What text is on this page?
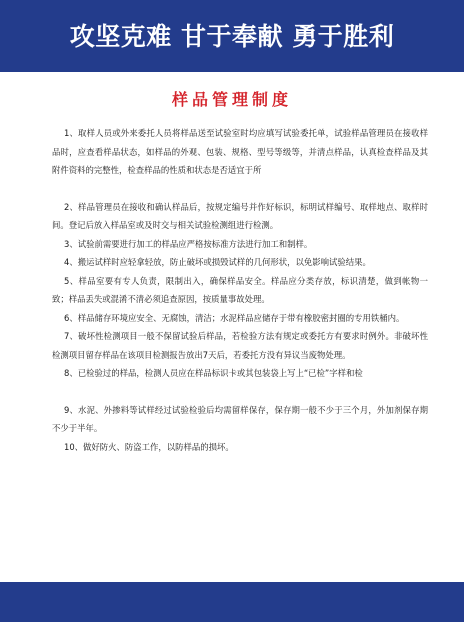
攻坚克难 甘于奉献 勇于胜利
样品管理制度
1、取样人员或外来委托人员将样品送至试验室时均应填写试验委托单，试验样品管理员在接收样品时，应查看样品状态，如样品的外观、包装、规格、型号等级等，并清点样品，认真检查样品及其附件资料的完整性，检查样品的性质和状态是否适宜于所
2、样品管理员在接收和确认样品后，按规定编号并作好标识，标明试样编号、取样地点、取样时间。登记后放入样品室或及时交与相关试验检测组进行检测。
3、试验前需要进行加工的样品应严格按标准方法进行加工和制样。
4、搬运试样时应轻拿轻放，防止破坏或损毁试样的几何形状，以免影响试验结果。
5、样品室要有专人负责，限制出入，确保样品安全。样品应分类存放，标识清楚，做到帐物一致；样品丢失或混淆不清必须追查原因，按质量事故处理。
6、样品储存环境应安全、无腐蚀，清洁；水泥样品应储存于带有橡胶密封圈的专用铁桶内。
7、破坏性检测项目一般不保留试验后样品，若检验方法有规定或委托方有要求时例外。非破坏性检测项目留存样品在该项目检测报告放出7天后，若委托方没有异议当废物处理。
8、已检验过的样品，检测人员应在样品标识卡或其包装袋上写上“已检”字样和检
9、水泥、外掺料等试样经过试验检验后均需留样保存，保存期一般不少于三个月，外加剂保存期不少于半年。
10、做好防火、防盗工作，以防样品的损坏。
